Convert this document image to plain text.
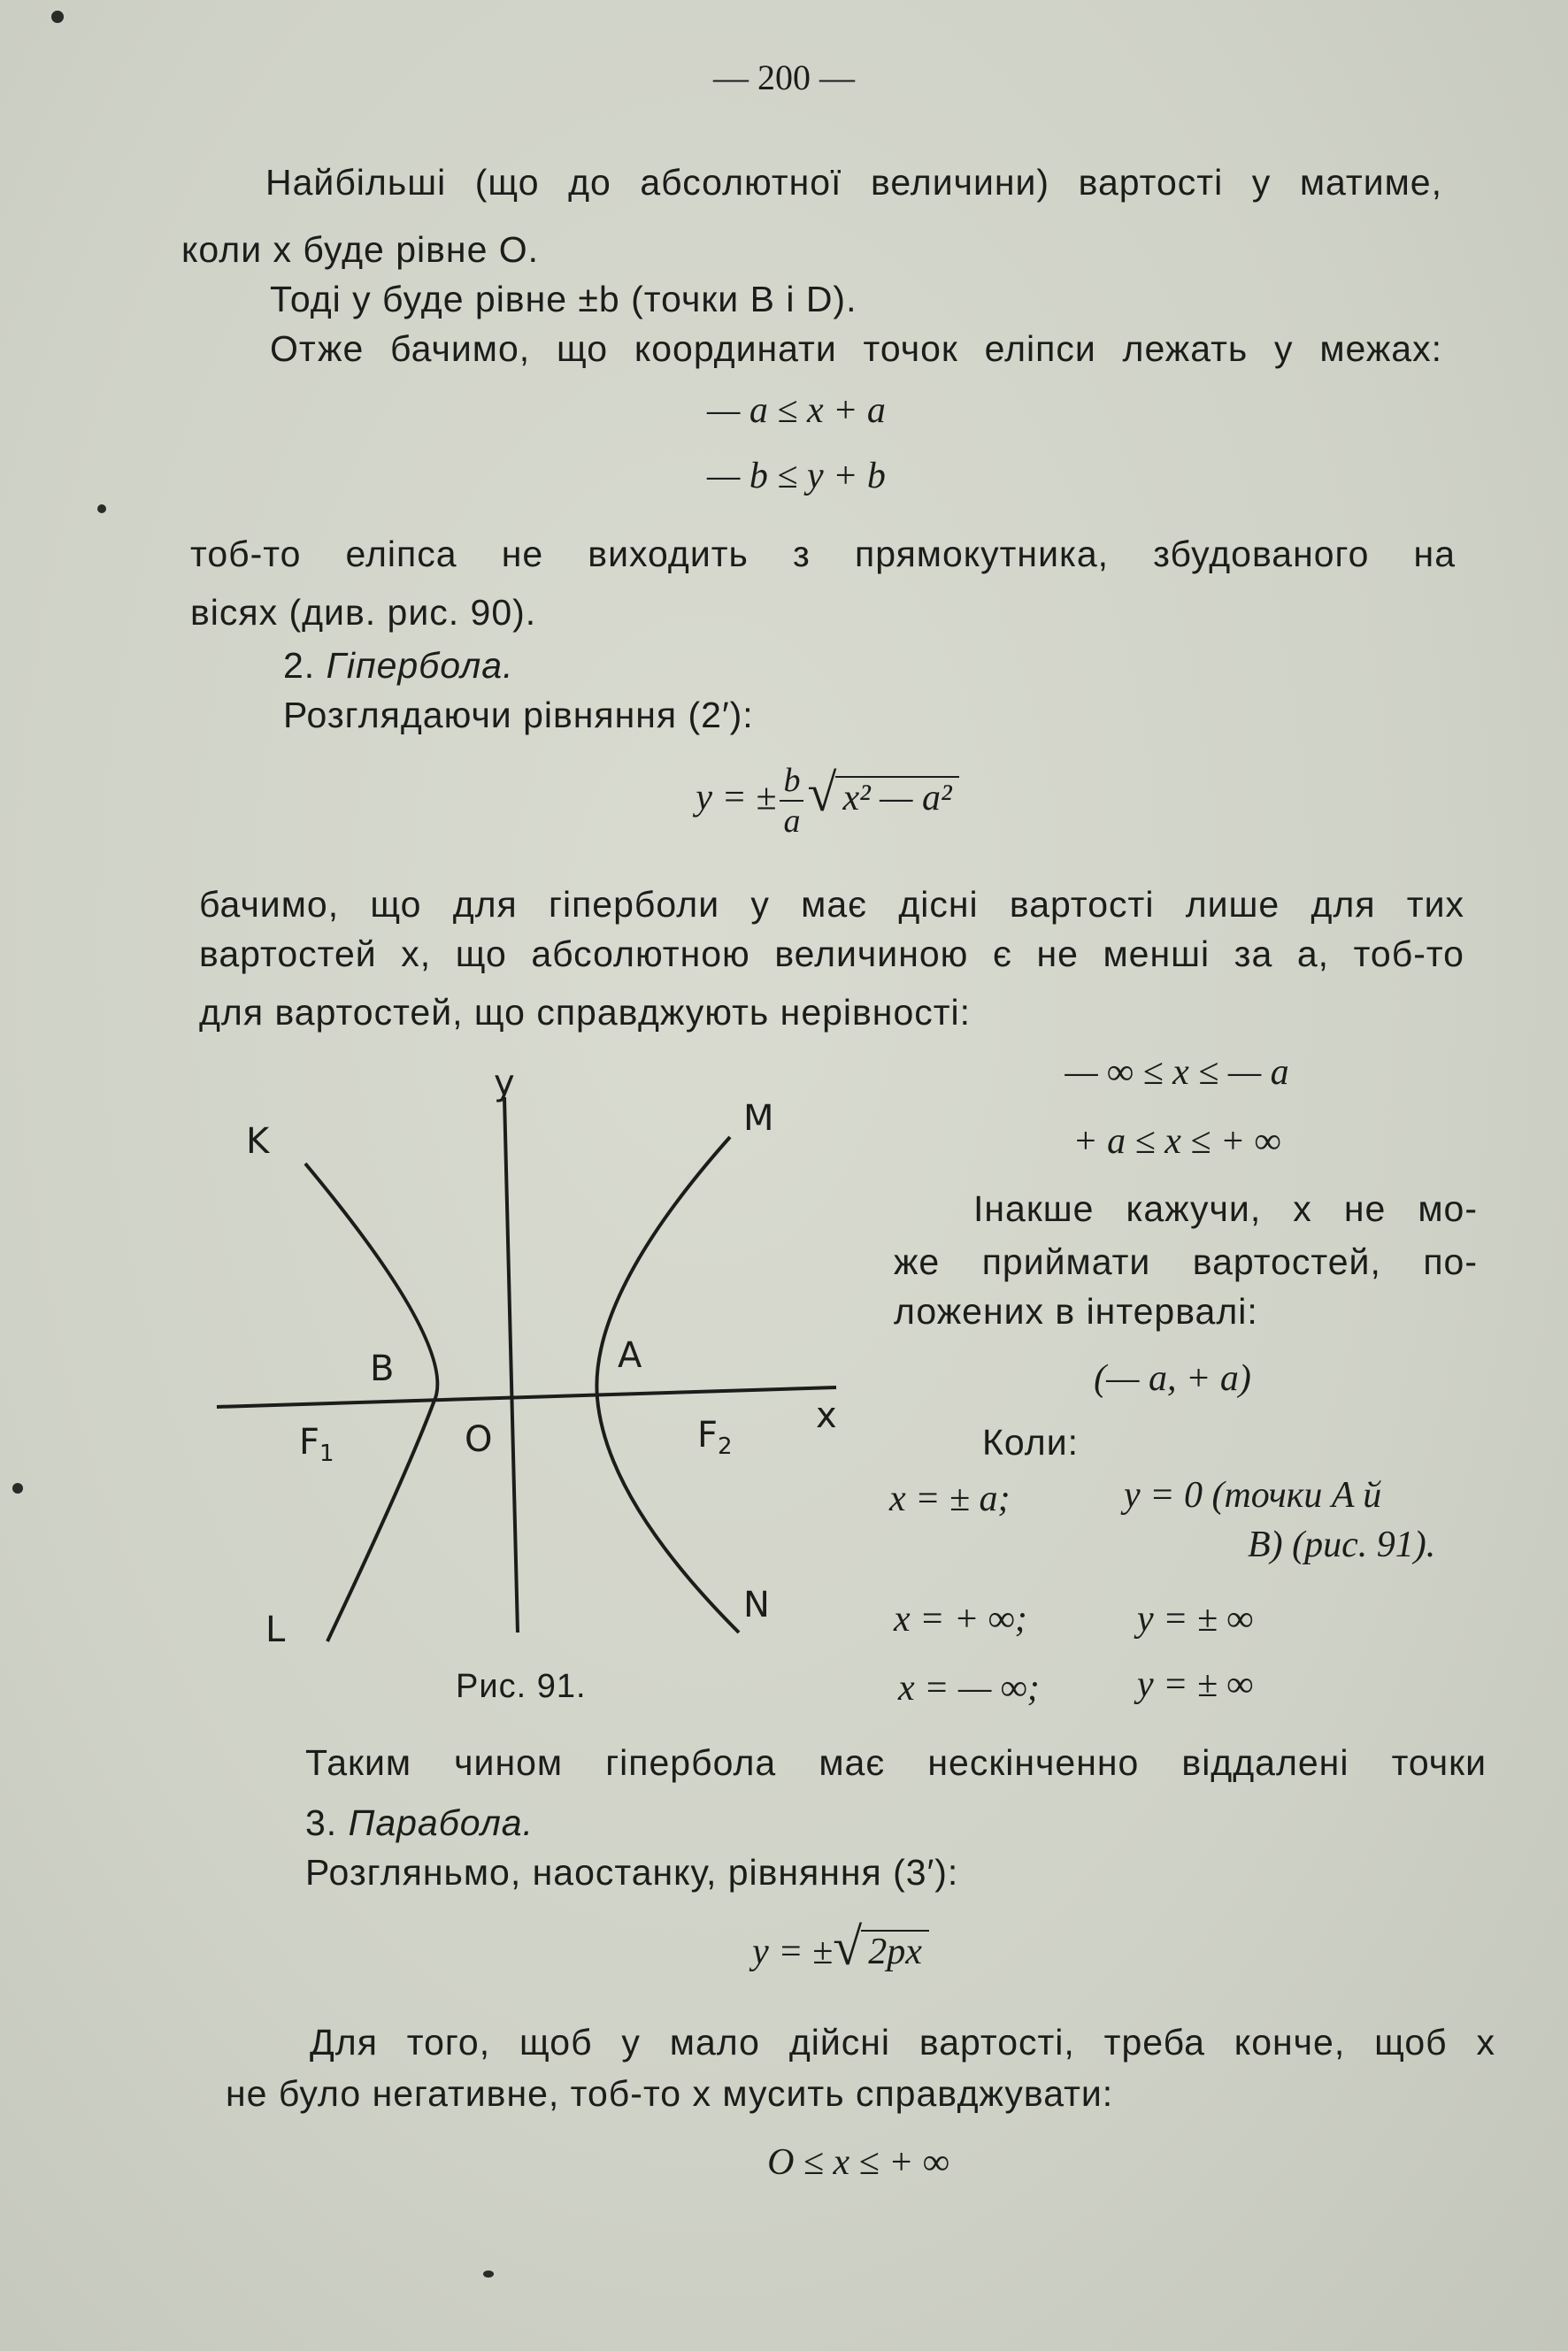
— 200 —
Найбільші (що до абсолютної величини) вартості y матиме,
коли x буде рівне O.
Тоді y буде рівне ±b (точки B і D).
Отже бачимо, що координати точок еліпси лежать у межах:
— a ≤ x + a
— b ≤ y + b
тоб-то еліпса не виходить з прямокутника, збудованого на
вісях (див. рис. 90).
2. Гіпербола.
Розглядаючи рівняння (2′):
y = ± $\frac{b}{a}$ √ x² — a²
бачимо, що для гіперболи y має дісні вартості лише для тих
вартостей x, що абсолютною величиною є не менші за a, тоб-то
для вартостей, що справджують нерівності:
y
x
K
M
L
N
B	A
O
$F_1$	$F_2$
Рис. 91.
— ∞ ≤ x ≤ — a
+ a ≤ x ≤ + ∞
Інакше кажучи, x не мо-
же приймати вартостей, по-
ложених в інтервалі:
(— a, + a)
Коли:
x = ± a;	y = 0 (точки A й
B) (рис. 91).
x = + ∞;	y = ± ∞
x = — ∞;	y = ± ∞
Таким чином гіпербола має нескінченно віддалені точки
3. Парабола.
Розгляньмо, наостанку, рівняння (3′):
y = ± √ 2px
Для того, щоб y мало дійсні вартості, треба конче, щоб x
не було негативне, тоб-то x мусить справджувати:
O ≤ x ≤ + ∞
